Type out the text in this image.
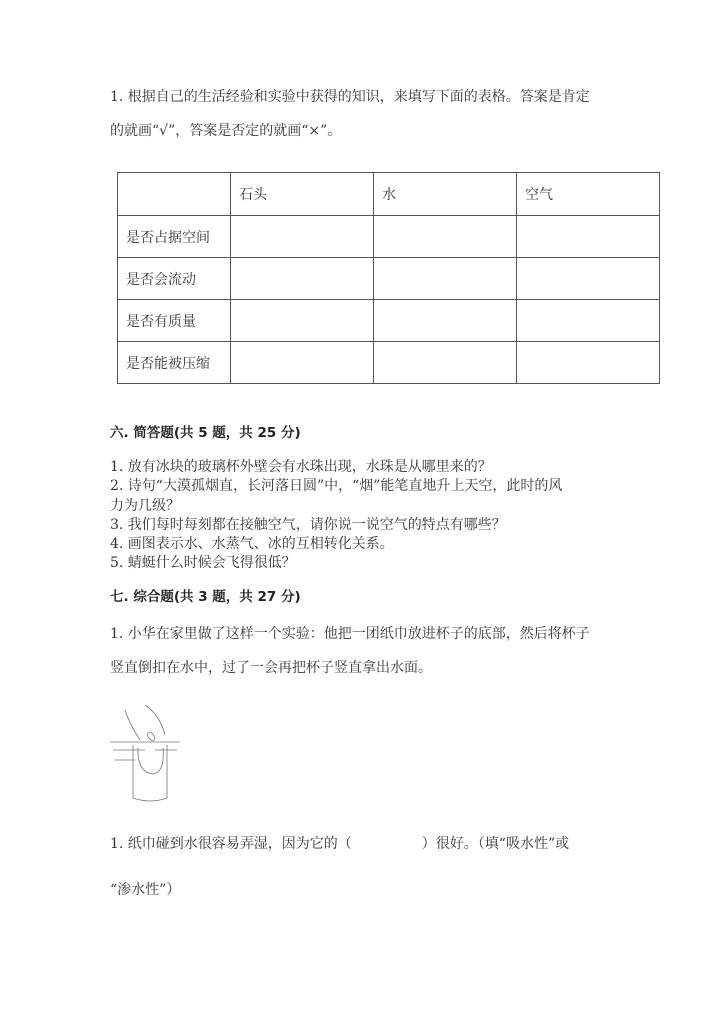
1. 根据自己的生活经验和实验中获得的知识，来填写下面的表格。答案是肯定
的就画“√”，答案是否定的就画“×”。
	石头	水	空气
是否占据空间			
是否会流动			
是否有质量			
是否能被压缩			
六. 简答题(共 5 题，共 25 分)
1. 放有冰块的玻璃杯外壁会有水珠出现，水珠是从哪里来的？
2. 诗句“大漠孤烟直，长河落日圆”中，“烟”能笔直地升上天空，此时的风
力为几级？
3. 我们每时每刻都在接触空气，请你说一说空气的特点有哪些？
4. 画图表示水、水蒸气、冰的互相转化关系。
5. 蜻蜓什么时候会飞得很低？
七. 综合题(共 3 题，共 27 分)
1. 小华在家里做了这样一个实验：他把一团纸巾放进杯子的底部，然后将杯子
竖直倒扣在水中，过了一会再把杯子竖直拿出水面。
1. 纸巾碰到水很容易弄湿，因为它的（　　　　　）很好。（填“吸水性”或
“渗水性”）
